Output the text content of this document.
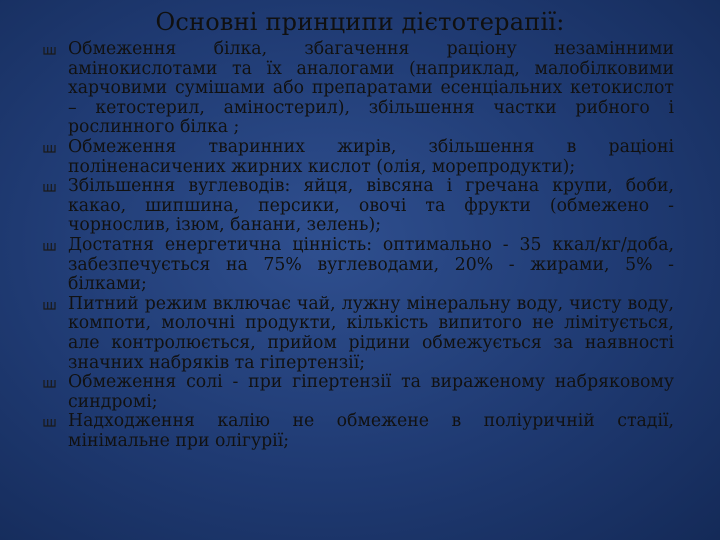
Основні принципи дієтотерапії:
Обмеження білка, збагачення раціону незамінними амінокислотами та їх аналогами (наприклад, малобілковими харчовими сумішами або препаратами есенціальних кетокислот – кетостерил, аміностерил), збільшення частки рибного і рослинного білка ;
Обмеження тваринних жирів, збільшення в раціоні поліненасичених жирних кислот (олія, морепродукти);
Збільшення вуглеводів: яйця, вівсяна і гречана крупи, боби, какао, шипшина, персики, овочі та фрукти (обмежено - чорнослив, ізюм, банани, зелень);
Достатня енергетична цінність: оптимально - 35 ккал/кг/доба, забезпечується на 75% вуглеводами, 20% - жирами, 5% - білками;
Питний режим включає чай, лужну мінеральну воду, чисту воду, компоти, молочні продукти, кількість випитого не лімітується, але контролюється, прийом рідини обмежується за наявності значних набряків та гіпертензії;
Обмеження солі - при гіпертензії та вираженому набряковому синдромі;
Надходження калію не обмежене в поліуричній стадії, мінімальне при олігурії;
